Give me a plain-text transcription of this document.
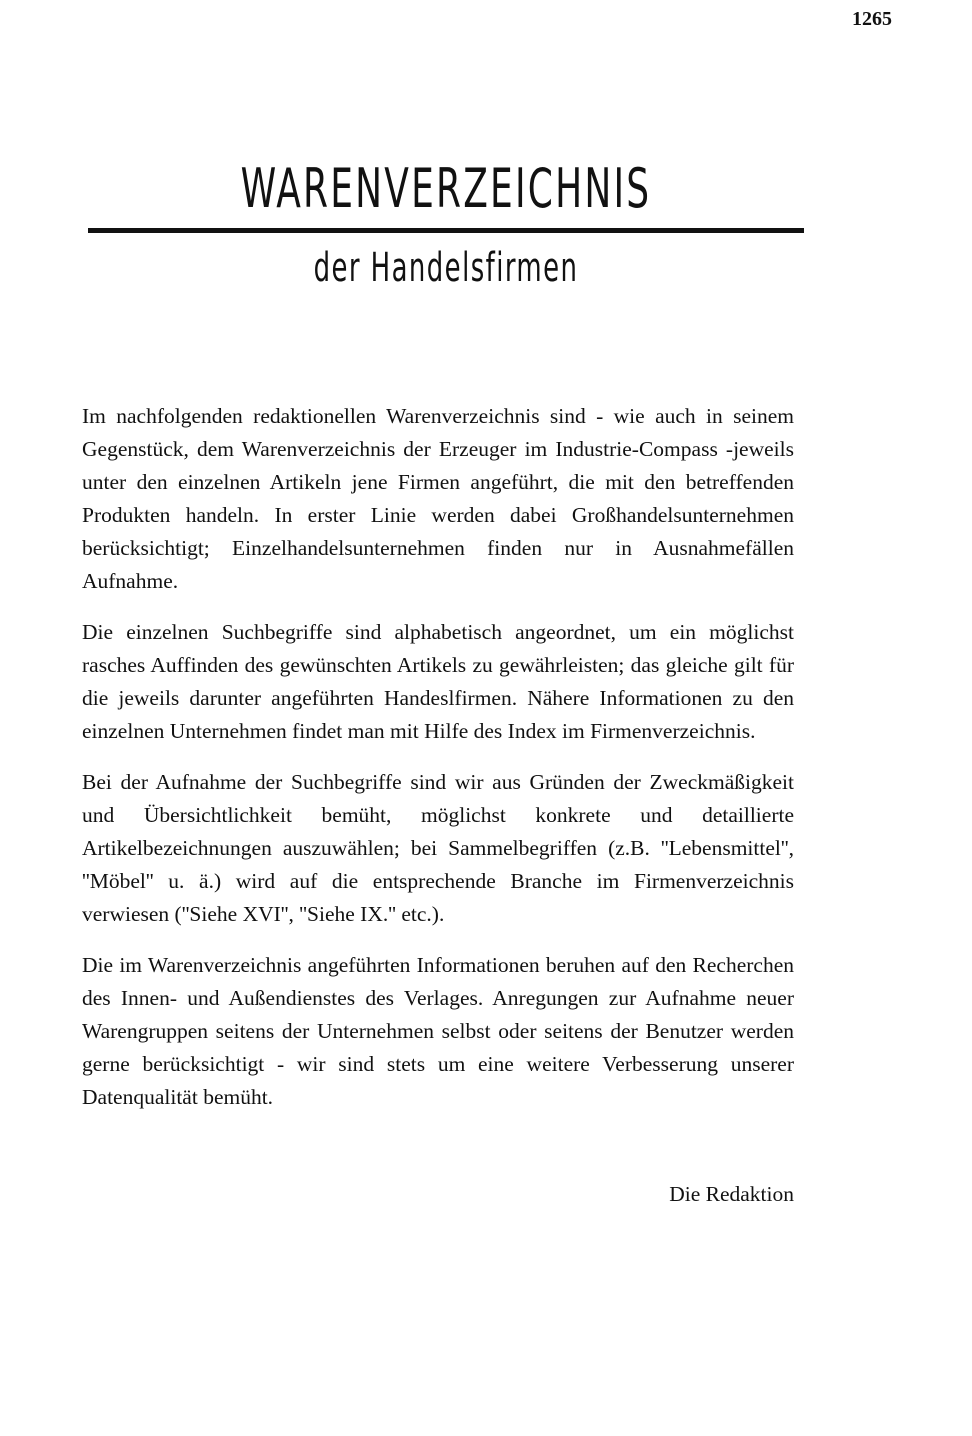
1265
WARENVERZEICHNIS
der Handelsfirmen

Im nachfolgenden redaktionellen Warenverzeichnis sind - wie auch in seinem Gegenstück, dem Warenverzeichnis der Erzeuger im Industrie-Compass -jeweils unter den einzelnen Artikeln jene Firmen angeführt, die mit den betreffenden Produkten handeln. In erster Linie werden dabei Großhandelsunternehmen berücksichtigt; Einzelhandelsunternehmen finden nur in Ausnahmefällen Aufnahme.

Die einzelnen Suchbegriffe sind alphabetisch angeordnet, um ein möglichst rasches Auffinden des gewünschten Artikels zu gewährleisten; das gleiche gilt für die jeweils darunter angeführten Handeslfirmen. Nähere Informationen zu den einzelnen Unternehmen findet man mit Hilfe des Index im Firmenverzeichnis.

Bei der Aufnahme der Suchbegriffe sind wir aus Gründen der Zweckmäßigkeit und Übersichtlichkeit bemüht, möglichst konkrete und detaillierte Artikelbezeichnungen auszuwählen; bei Sammelbegriffen (z.B. ''Lebensmittel'', ''Möbel'' u. ä.) wird auf die entsprechende Branche im Firmenverzeichnis verwiesen (''Siehe XVI'', ''Siehe IX.'' etc.).

Die im Warenverzeichnis angeführten Informationen beruhen auf den Recherchen des Innen- und Außendienstes des Verlages. Anregungen zur Aufnahme neuer Warengruppen seitens der Unternehmen selbst oder seitens der Benutzer werden gerne berücksichtigt - wir sind stets um eine weitere Verbesserung unserer Datenqualität bemüht.

Die Redaktion
